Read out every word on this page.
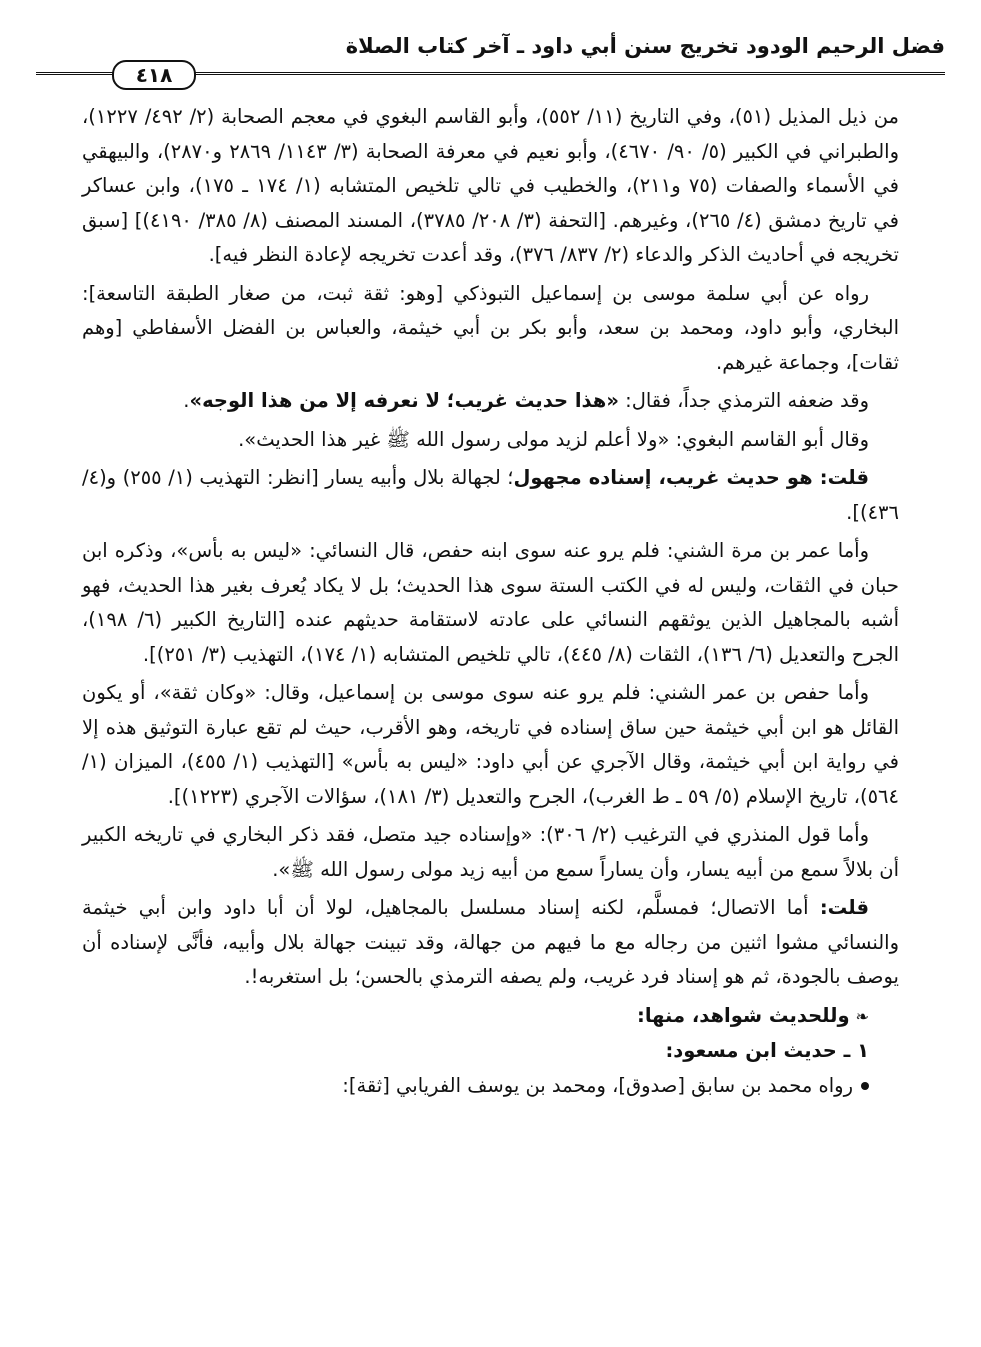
فضل الرحيم الودود تخريج سنن أبي داود ـ آخر كتاب الصلاة
٤١٨

من ذيل المذيل (٥١)، وفي التاريخ (١١/ ٥٥٢)، وأبو القاسم البغوي في معجم الصحابة (٢/ ٤٩٢/ ١٢٢٧)، والطبراني في الكبير (٥/ ٩٠/ ٤٦٧٠)، وأبو نعيم في معرفة الصحابة (٣/ ١١٤٣/ ٢٨٦٩ و٢٨٧٠)، والبيهقي في الأسماء والصفات (٧٥ و٢١١)، والخطيب في تالي تلخيص المتشابه (١/ ١٧٤ ـ ١٧٥)، وابن عساكر في تاريخ دمشق (٤/ ٢٦٥)، وغيرهم. [التحفة (٣/ ٢٠٨/ ٣٧٨٥)، المسند المصنف (٨/ ٣٨٥/ ٤١٩٠)] [سبق تخريجه في أحاديث الذكر والدعاء (٢/ ٨٣٧/ ٣٧٦)، وقد أعدت تخريجه لإعادة النظر فيه].

رواه عن أبي سلمة موسى بن إسماعيل التبوذكي [وهو: ثقة ثبت، من صغار الطبقة التاسعة]: البخاري، وأبو داود، ومحمد بن سعد، وأبو بكر بن أبي خيثمة، والعباس بن الفضل الأسفاطي [وهم ثقات]، وجماعة غيرهم.

وقد ضعفه الترمذي جداً، فقال: «هذا حديث غريب؛ لا نعرفه إلا من هذا الوجه».

وقال أبو القاسم البغوي: «ولا أعلم لزيد مولى رسول الله ﷺ غير هذا الحديث».

قلت: هو حديث غريب، إسناده مجهول؛ لجهالة بلال وأبيه يسار [انظر: التهذيب (١/ ٢٥٥) و(٤/ ٤٣٦)].

وأما عمر بن مرة الشني: فلم يرو عنه سوى ابنه حفص، قال النسائي: «ليس به بأس»، وذكره ابن حبان في الثقات، وليس له في الكتب الستة سوى هذا الحديث؛ بل لا يكاد يُعرف بغير هذا الحديث، فهو أشبه بالمجاهيل الذين يوثقهم النسائي على عادته لاستقامة حديثهم عنده [التاريخ الكبير (٦/ ١٩٨)، الجرح والتعديل (٦/ ١٣٦)، الثقات (٨/ ٤٤٥)، تالي تلخيص المتشابه (١/ ١٧٤)، التهذيب (٣/ ٢٥١)].

وأما حفص بن عمر الشني: فلم يرو عنه سوى موسى بن إسماعيل، وقال: «وكان ثقة»، أو يكون القائل هو ابن أبي خيثمة حين ساق إسناده في تاريخه، وهو الأقرب، حيث لم تقع عبارة التوثيق هذه إلا في رواية ابن أبي خيثمة، وقال الآجري عن أبي داود: «ليس به بأس» [التهذيب (١/ ٤٥٥)، الميزان (١/ ٥٦٤)، تاريخ الإسلام (٥/ ٥٩ ـ ط الغرب)، الجرح والتعديل (٣/ ١٨١)، سؤالات الآجري (١٢٢٣)].

وأما قول المنذري في الترغيب (٢/ ٣٠٦): «وإسناده جيد متصل، فقد ذكر البخاري في تاريخه الكبير أن بلالاً سمع من أبيه يسار، وأن يساراً سمع من أبيه زيد مولى رسول الله ﷺ».

قلت: أما الاتصال؛ فمسلَّم، لكنه إسناد مسلسل بالمجاهيل، لولا أن أبا داود وابن أبي خيثمة والنسائي مشوا اثنين من رجاله مع ما فيهم من جهالة، وقد تبينت جهالة بلال وأبيه، فأنَّى لإسناده أن يوصف بالجودة، ثم هو إسناد فرد غريب، ولم يصفه الترمذي بالحسن؛ بل استغربه!.

❧وللحديث شواهد، منها:

١ ـ حديث ابن مسعود:

رواه محمد بن سابق [صدوق]، ومحمد بن يوسف الفريابي [ثقة]:
